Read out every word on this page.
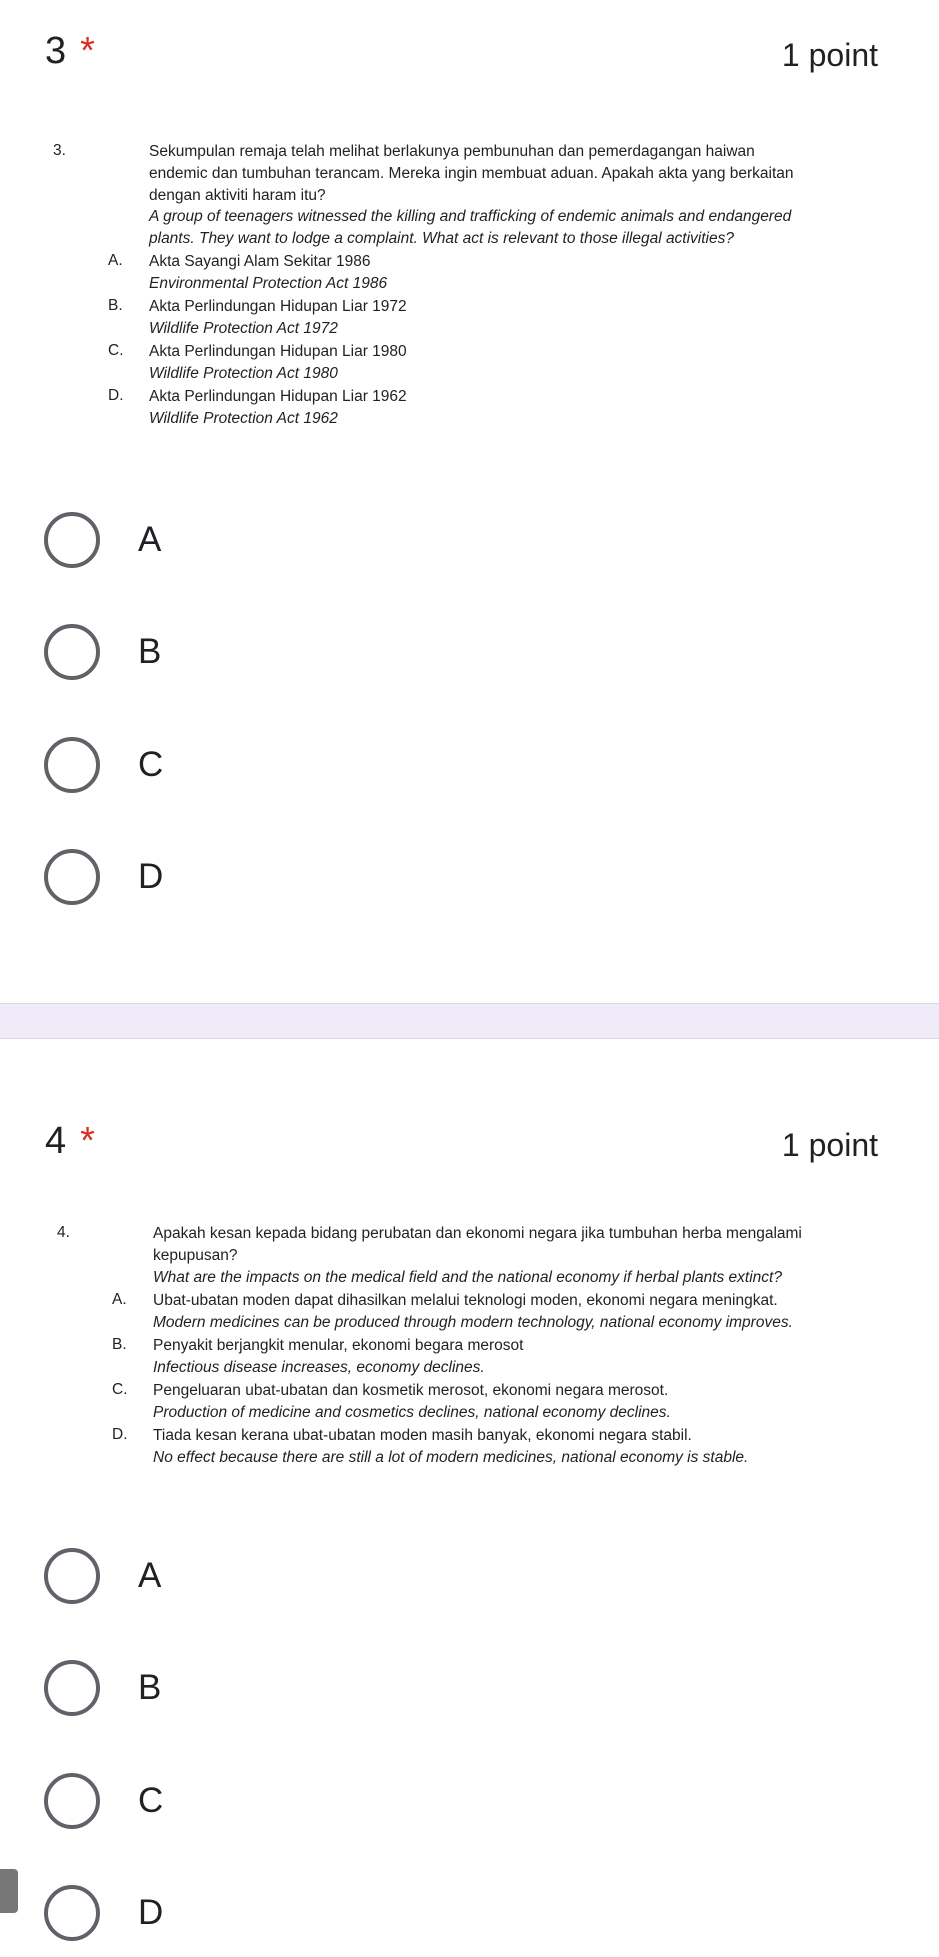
3 *	1 point
3.	Sekumpulan remaja telah melihat berlakunya pembunuhan dan pemerdagangan haiwan
endemic dan tumbuhan terancam. Mereka ingin membuat aduan. Apakah akta yang berkaitan
dengan aktiviti haram itu?
A group of teenagers witnessed the killing and trafficking of endemic animals and endangered
plants. They want to lodge a complaint. What act is relevant to those illegal activities?
A. Akta Sayangi Alam Sekitar 1986
Environmental Protection Act 1986
B. Akta Perlindungan Hidupan Liar 1972
Wildlife Protection Act 1972
C. Akta Perlindungan Hidupan Liar 1980
Wildlife Protection Act 1980
D. Akta Perlindungan Hidupan Liar 1962
Wildlife Protection Act 1962
A
B
C
D
4 *	1 point
4.	Apakah kesan kepada bidang perubatan dan ekonomi negara jika tumbuhan herba mengalami
kepupusan?
What are the impacts on the medical field and the national economy if herbal plants extinct?
A. Ubat-ubatan moden dapat dihasilkan melalui teknologi moden, ekonomi negara meningkat.
Modern medicines can be produced through modern technology, national economy improves.
B. Penyakit berjangkit menular, ekonomi begara merosot
Infectious disease increases, economy declines.
C. Pengeluaran ubat-ubatan dan kosmetik merosot, ekonomi negara merosot.
Production of medicine and cosmetics declines, national economy declines.
D. Tiada kesan kerana ubat-ubatan moden masih banyak, ekonomi negara stabil.
No effect because there are still a lot of modern medicines, national economy is stable.
A
B
C
D
